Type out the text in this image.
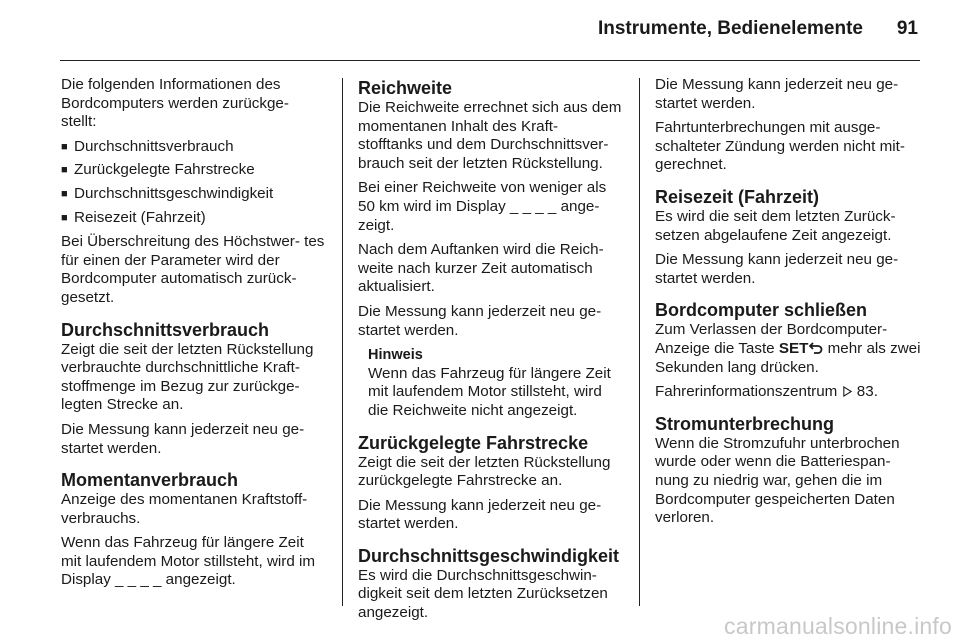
Instrumente, Bedienelemente 91

Die folgenden Informationen des Bordcomputers werden zurückge- stellt:

■ Durchschnittsverbrauch
■ Zurückgelegte Fahrstrecke
■ Durchschnittsgeschwindigkeit
■ Reisezeit (Fahrzeit)

Bei Überschreitung des Höchstwer- tes für einen der Parameter wird der Bordcomputer automatisch zurück- gesetzt.

Durchschnittsverbrauch

Zeigt die seit der letzten Rückstellung verbrauchte durchschnittliche Kraft- stoffmenge im Bezug zur zurückge- legten Strecke an.

Die Messung kann jederzeit neu ge- startet werden.

Momentanverbrauch

Anzeige des momentanen Kraftstoff- verbrauchs.

Wenn das Fahrzeug für längere Zeit mit laufendem Motor stillsteht, wird im Display _ _ _ _ angezeigt.

Reichweite

Die Reichweite errechnet sich aus dem momentanen Inhalt des Kraft- stofftanks und dem Durchschnittsver- brauch seit der letzten Rückstellung.

Bei einer Reichweite von weniger als 50 km wird im Display _ _ _ _ ange- zeigt.

Nach dem Auftanken wird die Reich- weite nach kurzer Zeit automatisch aktualisiert.

Die Messung kann jederzeit neu ge- startet werden.

Hinweis
Wenn das Fahrzeug für längere Zeit mit laufendem Motor stillsteht, wird die Reichweite nicht angezeigt.
Zurückgelegte Fahrstrecke

Zeigt die seit der letzten Rückstellung zurückgelegte Fahrstrecke an.

Die Messung kann jederzeit neu ge- startet werden.

Durchschnittsgeschwindigkeit

Es wird die Durchschnittsgeschwin- digkeit seit dem letzten Zurücksetzen angezeigt.

Die Messung kann jederzeit neu ge- startet werden.

Fahrtunterbrechungen mit ausge- schalteter Zündung werden nicht mit- gerechnet.

Reisezeit (Fahrzeit)

Es wird die seit dem letzten Zurück- setzen abgelaufene Zeit angezeigt.

Die Messung kann jederzeit neu ge- startet werden.

Bordcomputer schließen

Zum Verlassen der Bordcomputer- Anzeige die Taste SET mehr als zwei Sekunden lang drücken.

Fahrerinformationszentrum 83.

Stromunterbrechung

Wenn die Stromzufuhr unterbrochen wurde oder wenn die Batteriespan- nung zu niedrig war, gehen die im Bordcomputer gespeicherten Daten verloren.

carmanualsonline.info
